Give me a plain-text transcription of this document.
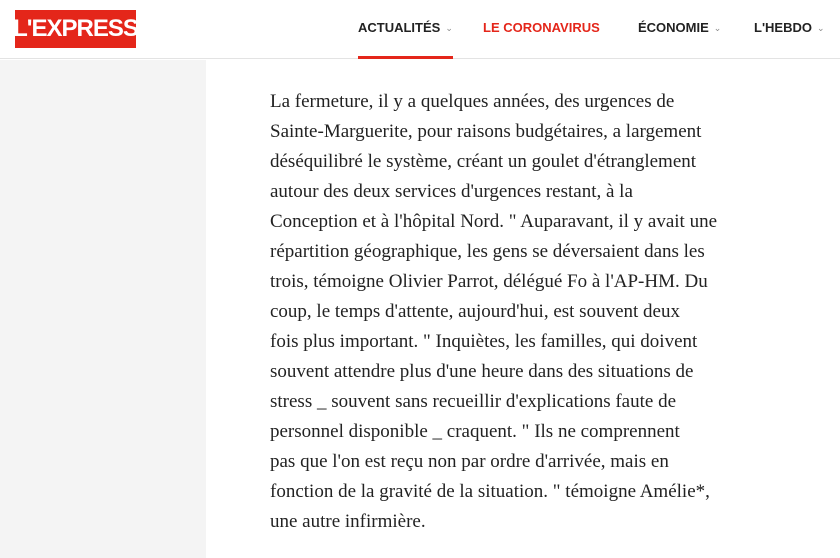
L'EXPRESS	ACTUALITÉS ⌄ LE CORONAVIRUS	ÉCONOMIE ⌄	L'HEBDO ⌄

La fermeture, il y a quelques années, des urgences de
Sainte-Marguerite, pour raisons budgétaires, a largement
déséquilibré le système, créant un goulet d'étranglement
autour des deux services d'urgences restant, à la
Conception et à l'hôpital Nord. " Auparavant, il y avait une
répartition géographique, les gens se déversaient dans les
trois, témoigne Olivier Parrot, délégué Fo à l'AP-HM. Du
coup, le temps d'attente, aujourd'hui, est souvent deux
fois plus important. " Inquiètes, les familles, qui doivent
souvent attendre plus d'une heure dans des situations de
stress _ souvent sans recueillir d'explications faute de
personnel disponible _ craquent. " Ils ne comprennent
pas que l'on est reçu non par ordre d'arrivée, mais en
fonction de la gravité de la situation. " témoigne Amélie*,
une autre infirmière.
